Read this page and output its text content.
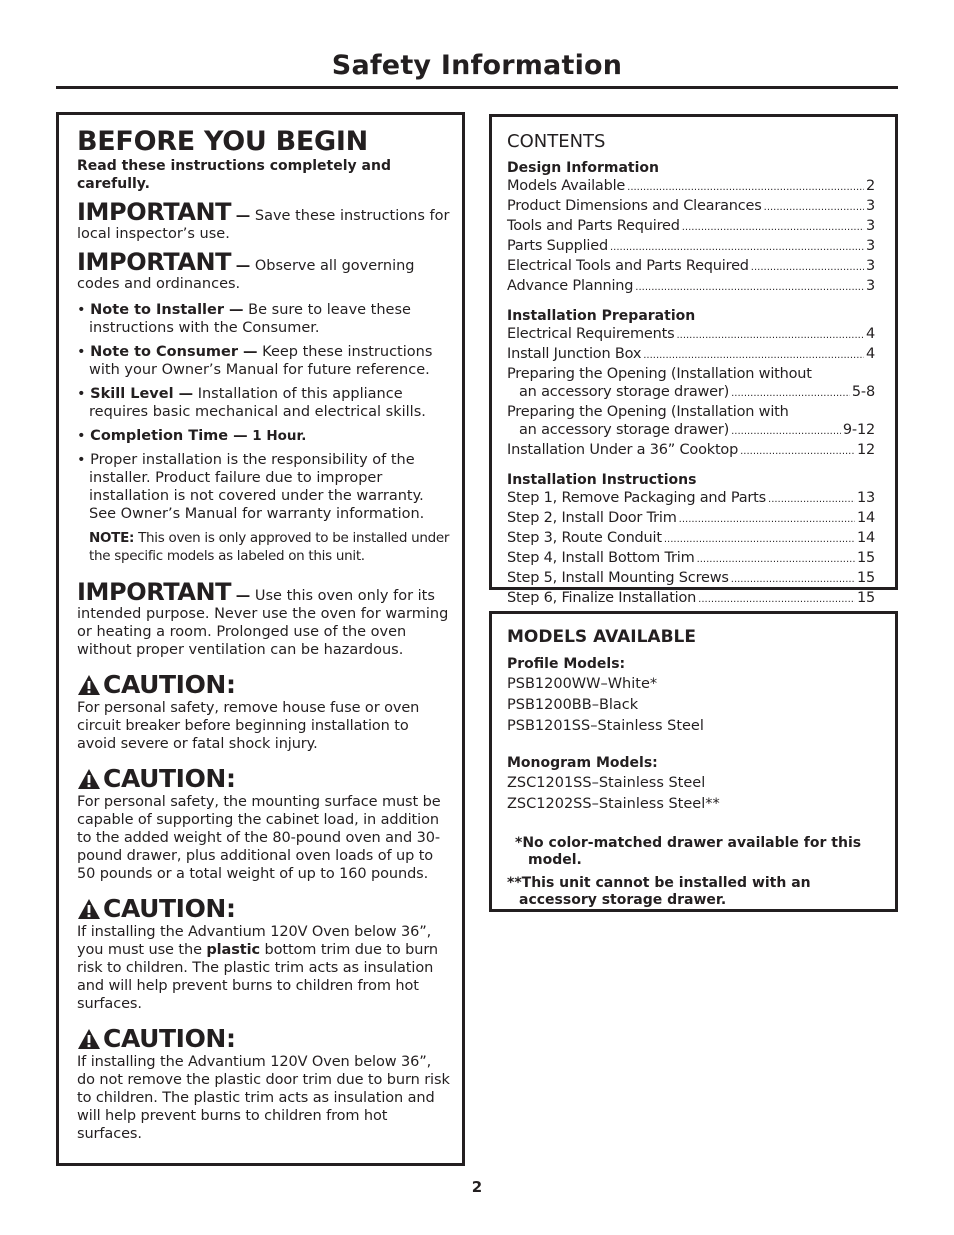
Safety Information
BEFORE YOU BEGIN
Read these instructions completely and carefully.
IMPORTANT — Save these instructions for local inspector’s use.
IMPORTANT — Observe all governing codes and ordinances.
• Note to Installer — Be sure to leave these instructions with the Consumer.
• Note to Consumer — Keep these instructions with your Owner’s Manual for future reference.
• Skill Level — Installation of this appliance requires basic mechanical and electrical skills.
• Completion Time — 1 Hour.
• Proper installation is the responsibility of the installer. Product failure due to improper installation is not covered under the warranty. See Owner’s Manual for warranty information.
NOTE: This oven is only approved to be installed under the specific models as labeled on this unit.
IMPORTANT — Use this oven only for its intended purpose. Never use the oven for warming or heating a room. Prolonged use of the oven without proper ventilation can be hazardous.
CAUTION:
For personal safety, remove house fuse or oven circuit breaker before beginning installation to avoid severe or fatal shock injury.
CAUTION:
For personal safety, the mounting surface must be capable of supporting the cabinet load, in addition to the added weight of the 80-pound oven and 30-pound drawer, plus additional oven loads of up to 50 pounds or a total weight of up to 160 pounds.
CAUTION:
If installing the Advantium 120V Oven below 36”, you must use the plastic bottom trim due to burn risk to children. The plastic trim acts as insulation and will help prevent burns to children from hot surfaces.
CAUTION:
If installing the Advantium 120V Oven below 36”, do not remove the plastic door trim due to burn risk to children. The plastic trim acts as insulation and will help prevent burns to children from hot surfaces.
CONTENTS
Design Information
Models Available .....	2
Product Dimensions and Clearances .....	3
Tools and Parts Required .....	3
Parts Supplied .....	3
Electrical Tools and Parts Required .....	3
Advance Planning .....	3
Installation Preparation
Electrical Requirements .....	4
Install Junction Box .....	4
Preparing the Opening (Installation without
an accessory storage drawer) .....	5-8
Preparing the Opening (Installation with
an accessory storage drawer) .....	9-12
Installation Under a 36” Cooktop .....	12
Installation Instructions
Step 1, Remove Packaging and Parts .....	13
Step 2, Install Door Trim .....	14
Step 3, Route Conduit .....	14
Step 4, Install Bottom Trim .....	15
Step 5, Install Mounting Screws .....	15
Step 6, Finalize Installation .....	15
MODELS AVAILABLE
Profile Models:
PSB1200WW–White*
PSB1200BB–Black
PSB1201SS–Stainless Steel
Monogram Models:
ZSC1201SS–Stainless Steel
ZSC1202SS–Stainless Steel**
*No color-matched drawer available for this model.
**This unit cannot be installed with an accessory storage drawer.
2
